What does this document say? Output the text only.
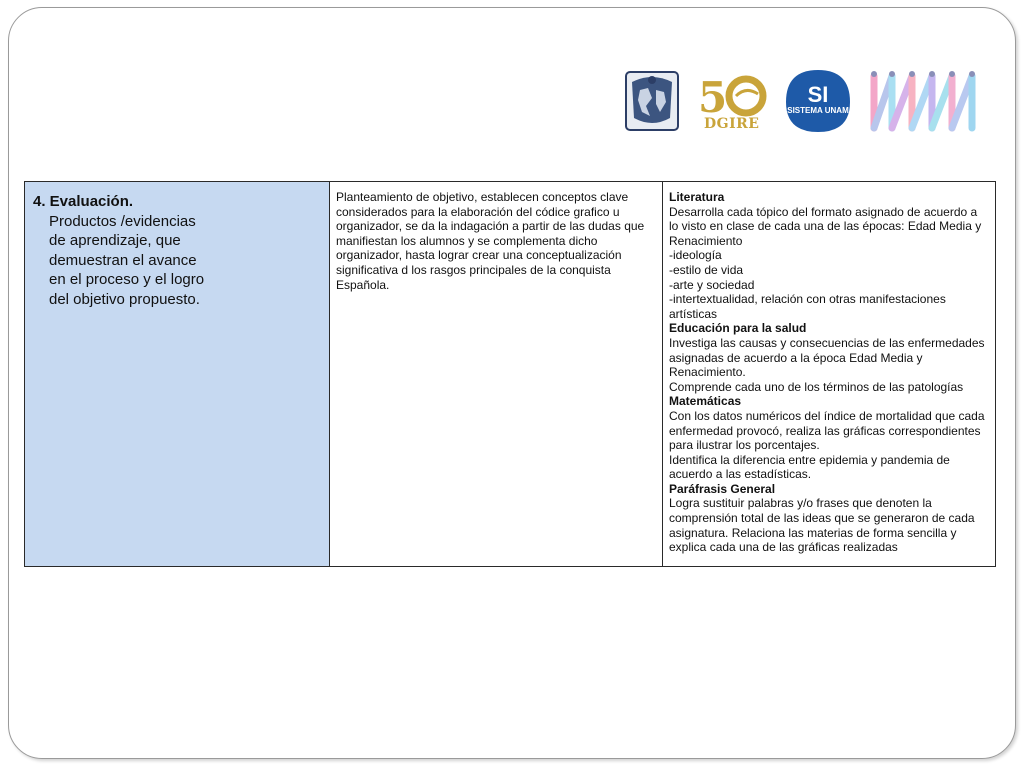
5
DGIRE
SI
SISTEMA UNAM
4. Evaluación.
Productos /evidencias
de aprendizaje, que
demuestran el avance
en el proceso y el logro
del objetivo propuesto.

Planteamiento de objetivo, establecen conceptos clave considerados para la elaboración del códice grafico u organizador, se da la indagación a partir de las dudas que manifiestan los alumnos y se complementa dicho organizador, hasta lograr crear una conceptualización significativa d los rasgos principales de la conquista Española.

Literatura
Desarrolla cada tópico del formato asignado de acuerdo a lo visto en clase de cada una de las épocas: Edad Media y Renacimiento
-ideología
-estilo de vida
-arte y sociedad
-intertextualidad, relación con otras manifestaciones artísticas
Educación para la salud
Investiga las causas y consecuencias de las enfermedades asignadas de acuerdo a la época Edad Media y Renacimiento.
Comprende cada uno de los términos de las patologías
Matemáticas
Con los datos numéricos del índice de mortalidad que cada enfermedad provocó, realiza las gráficas correspondientes para ilustrar los porcentajes.
Identifica la diferencia entre epidemia y pandemia de acuerdo a las estadísticas.
Paráfrasis General
Logra sustituir palabras y/o frases que denoten la comprensión total de las ideas que se generaron de cada asignatura. Relaciona las materias de forma sencilla y explica cada una de las gráficas realizadas
